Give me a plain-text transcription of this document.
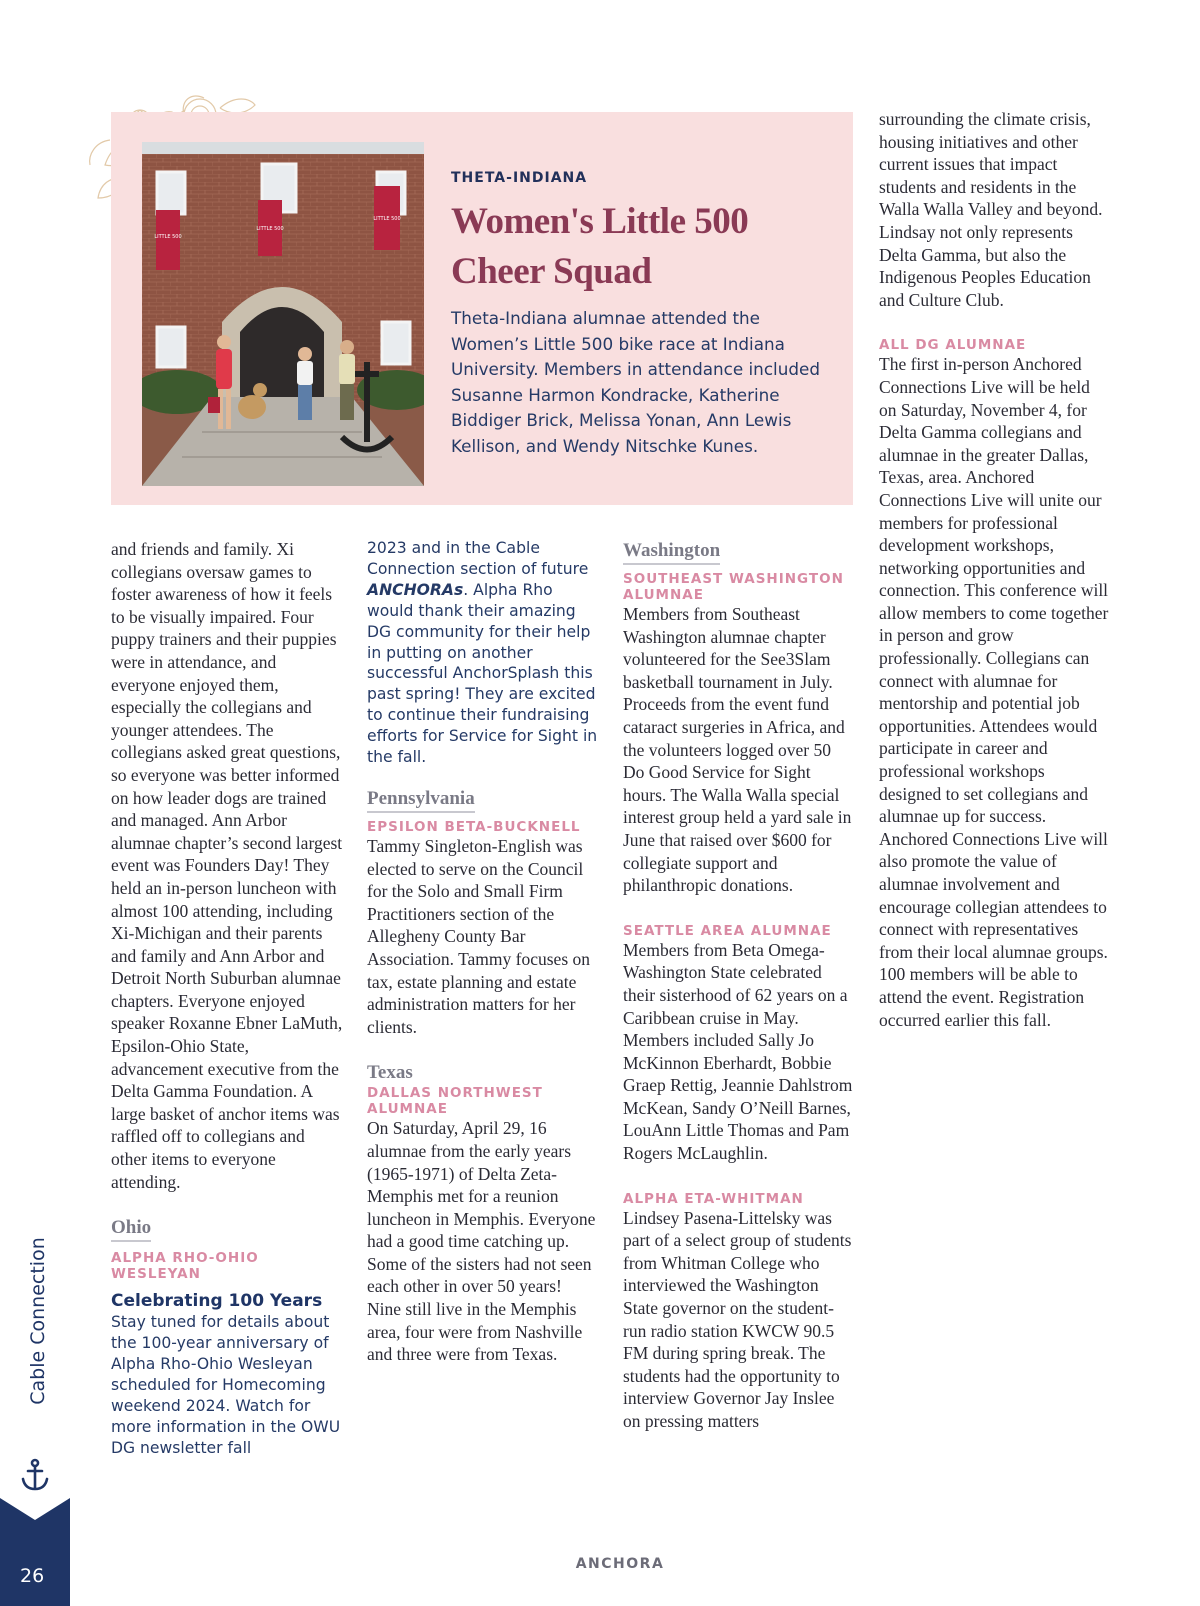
LITTLE 500
LITTLE 500
LITTLE 500
THETA-INDIANA
Women's Little 500 Cheer Squad

Theta-Indiana alumnae attended the Women’s Little 500 bike race at Indiana University. Members in attendance included Susanne Harmon Kondracke, Katherine Biddiger Brick, Melissa Yonan, Ann Lewis Kellison, and Wendy Nitschke Kunes.

and friends and family. Xi collegians oversaw games to foster awareness of how it feels to be visually impaired. Four puppy trainers and their puppies were in attendance, and everyone enjoyed them, especially the collegians and younger attendees. The collegians asked great questions, so everyone was better informed on how leader dogs are trained and managed. Ann Arbor alumnae chapter’s second largest event was Founders Day! They held an in-person luncheon with almost 100 attending, including Xi-Michigan and their parents and family and Ann Arbor and Detroit North Suburban alumnae chapters. Everyone enjoyed speaker Roxanne Ebner LaMuth, Epsilon-Ohio State, advancement executive from the Delta Gamma Foundation. A large basket of anchor items was raffled off to collegians and other items to everyone attending.

Ohio

ALPHA RHO-OHIO WESLEYAN

Celebrating 100 Years

Stay tuned for details about the 100-year anniversary of Alpha Rho-Ohio Wesleyan scheduled for Homecoming weekend 2024. Watch for more information in the OWU DG newsletter fall

2023 and in the Cable Connection section of future ANCHORAs. Alpha Rho would thank their amazing DG community for their help in putting on another successful AnchorSplash this past spring! They are excited to continue their fundraising efforts for Service for Sight in the fall.

Pennsylvania

EPSILON BETA-BUCKNELL

Tammy Singleton-English was elected to serve on the Council for the Solo and Small Firm Practitioners section of the Allegheny County Bar Association. Tammy focuses on tax, estate planning and estate administration matters for her clients.

Texas

DALLAS NORTHWEST ALUMNAE

On Saturday, April 29, 16 alumnae from the early years (1965-1971) of Delta Zeta-Memphis met for a reunion luncheon in Memphis. Everyone had a good time catching up. Some of the sisters had not seen each other in over 50 years! Nine still live in the Memphis area, four were from Nashville and three were from Texas.

Washington

SOUTHEAST WASHINGTON ALUMNAE

Members from Southeast Washington alumnae chapter volunteered for the See3Slam basketball tournament in July. Proceeds from the event fund cataract surgeries in Africa, and the volunteers logged over 50 Do Good Service for Sight hours. The Walla Walla special interest group held a yard sale in June that raised over $600 for collegiate support and philanthropic donations.

SEATTLE AREA ALUMNAE

Members from Beta Omega-Washington State celebrated their sisterhood of 62 years on a Caribbean cruise in May. Members included Sally Jo McKinnon Eberhardt, Bobbie Graep Rettig, Jeannie Dahlstrom McKean, Sandy O’Neill Barnes, LouAnn Little Thomas and Pam Rogers McLaughlin.

ALPHA ETA-WHITMAN

Lindsey Pasena-Littelsky was part of a select group of students from Whitman College who interviewed the Washington State governor on the student-run radio station KWCW 90.5 FM during spring break. The students had the opportunity to interview Governor Jay Inslee on pressing matters

surrounding the climate crisis, housing initiatives and other current issues that impact students and residents in the Walla Walla Valley and beyond. Lindsay not only represents Delta Gamma, but also the Indigenous Peoples Education and Culture Club.

ALL DG ALUMNAE

The first in-person Anchored Connections Live will be held on Saturday, November 4, for Delta Gamma collegians and alumnae in the greater Dallas, Texas, area. Anchored Connections Live will unite our members for professional development workshops, networking opportunities and connection. This conference will allow members to come together in person and grow professionally. Collegians can connect with alumnae for mentorship and potential job opportunities. Attendees would participate in career and professional workshops designed to set collegians and alumnae up for success. Anchored Connections Live will also promote the value of alumnae involvement and encourage collegian attendees to connect with representatives from their local alumnae groups. 100 members will be able to attend the event. Registration occurred earlier this fall.

Cable Connection
26
ANCHORA
